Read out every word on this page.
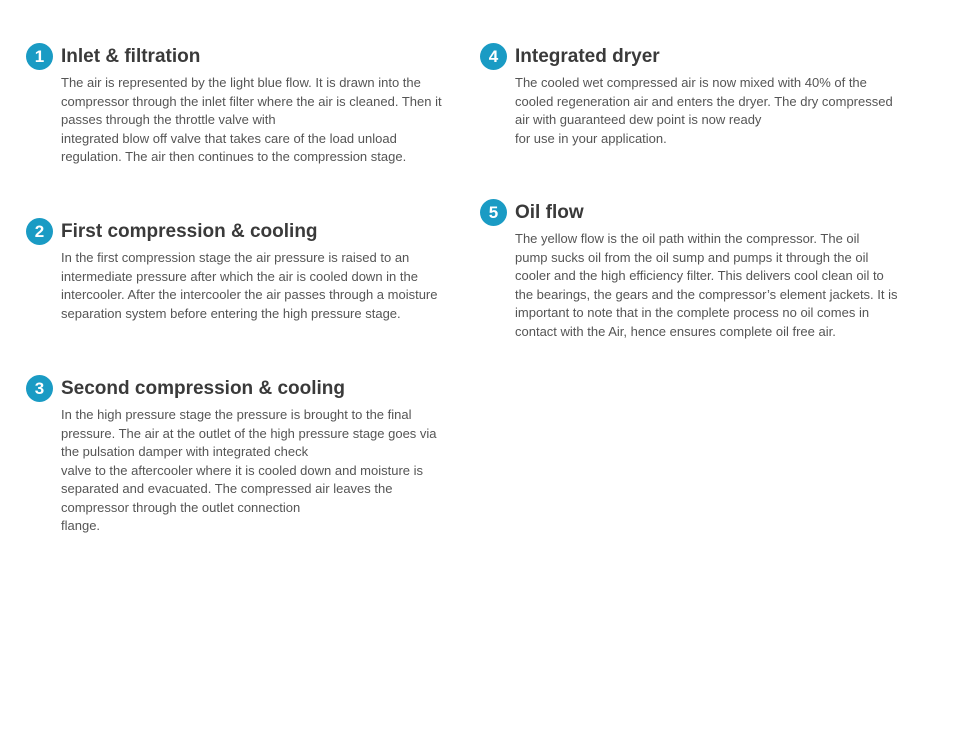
1 Inlet & filtration

The air is represented by the light blue flow. It is drawn into the
compressor through the inlet filter where the air is cleaned. Then it
passes through the throttle valve with
integrated blow off valve that takes care of the load unload
regulation. The air then continues to the compression stage.

2 First compression & cooling

In the first compression stage the air pressure is raised to an
intermediate pressure after which the air is cooled down in the
intercooler. After the intercooler the air passes through a moisture
separation system before entering the high pressure stage.

3 Second compression & cooling

In the high pressure stage the pressure is brought to the final
pressure. The air at the outlet of the high pressure stage goes via
the pulsation damper with integrated check
valve to the aftercooler where it is cooled down and moisture is
separated and evacuated. The compressed air leaves the
compressor through the outlet connection
flange.

4 Integrated dryer

The cooled wet compressed air is now mixed with 40% of the
cooled regeneration air and enters the dryer. The dry compressed
air with guaranteed dew point is now ready
for use in your application.

5 Oil flow

The yellow flow is the oil path within the compressor. The oil
pump sucks oil from the oil sump and pumps it through the oil
cooler and the high efficiency filter. This delivers cool clean oil to
the bearings, the gears and the compressor’s element jackets. It is
important to note that in the complete process no oil comes in
contact with the Air, hence ensures complete oil free air.
